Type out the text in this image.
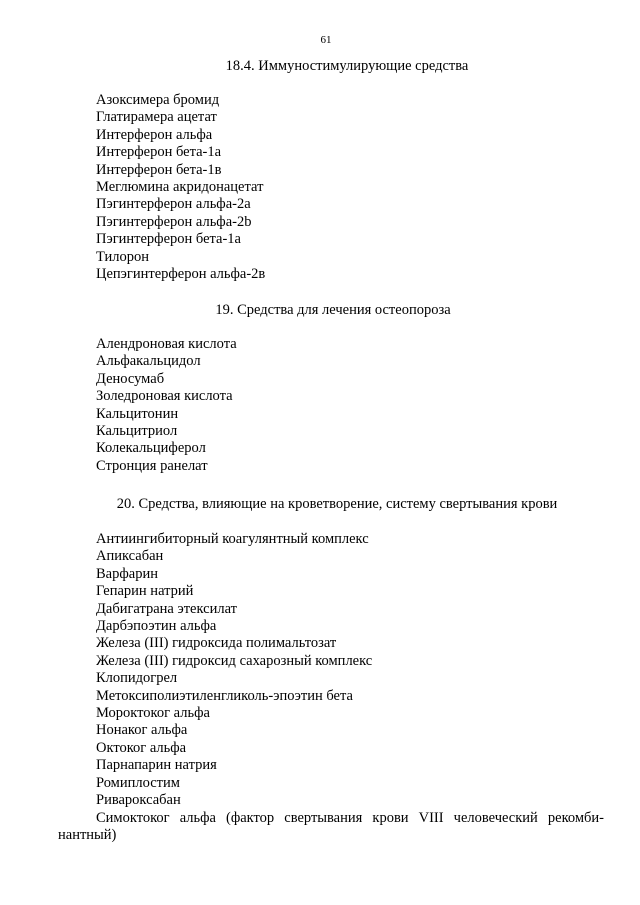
61
18.4. Иммуностимулирующие средства
Азоксимера бромид
Глатирамера ацетат
Интерферон альфа
Интерферон бета-1а
Интерферон бета-1в
Меглюмина акридонацетат
Пэгинтерферон альфа-2а
Пэгинтерферон альфа-2b
Пэгинтерферон бета-1а
Тилорон
Цепэгинтерферон альфа-2в
19. Средства для лечения остеопороза
Алендроновая кислота
Альфакальцидол
Деносумаб
Золедроновая кислота
Кальцитонин
Кальцитриол
Колекальциферол
Стронция ранелат
20. Средства, влияющие на кроветворение, систему свертывания крови
Антиингибиторный коагулянтный комплекс
Апиксабан
Варфарин
Гепарин натрий
Дабигатрана этексилат
Дарбэпоэтин альфа
Железа (III) гидроксида полимальтозат
Железа (III) гидроксид сахарозный комплекс
Клопидогрел
Метоксиполиэтиленгликоль-эпоэтин бета
Мороктоког альфа
Нонаког альфа
Октоког альфа
Парнапарин натрия
Ромиплостим
Ривароксабан
Симоктоког альфа (фактор свертывания крови VIII человеческий рекомби-
нантный)
